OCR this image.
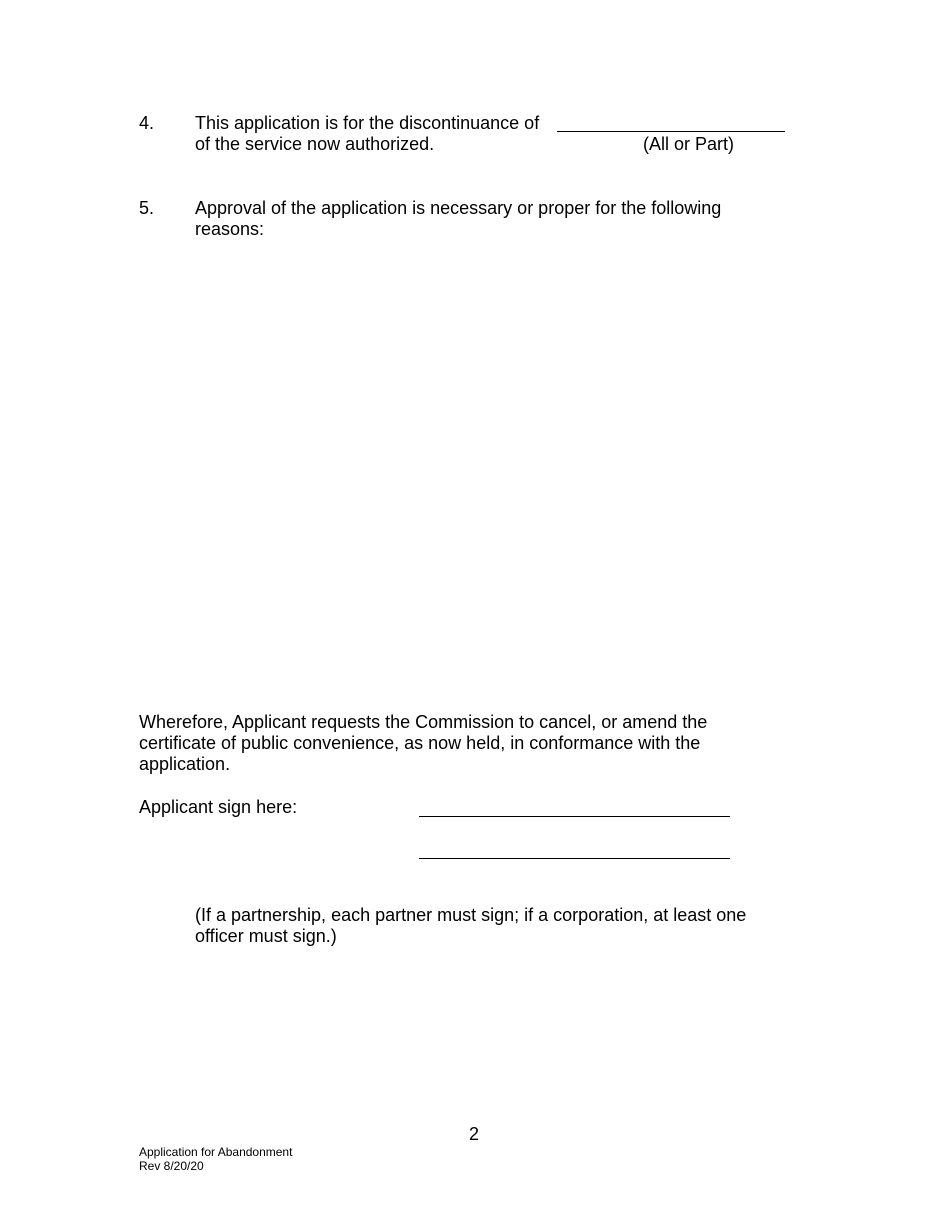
4. This application is for the discontinuance of
of the service now authorized.	(All or Part)
5. Approval of the application is necessary or proper for the following
reasons:
Wherefore, Applicant requests the Commission to cancel, or amend the
certificate of public convenience, as now held, in conformance with the
application.
Applicant sign here:
(If a partnership, each partner must sign; if a corporation, at least one
officer must sign.)
2
Application for Abandonment
Rev 8/20/20
